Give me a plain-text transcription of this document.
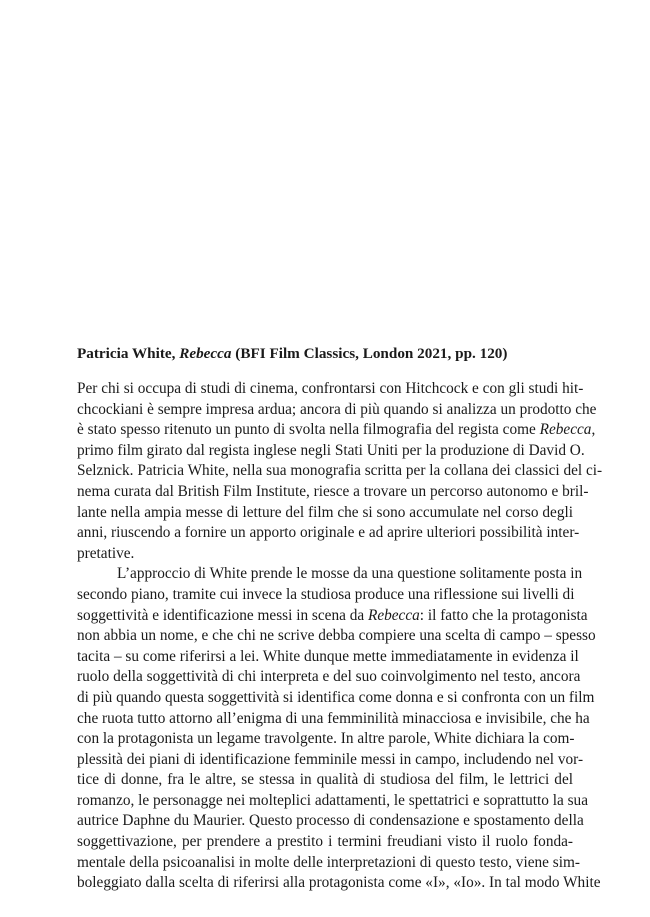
Patricia White, Rebecca (BFI Film Classics, London 2021, pp. 120)
Per chi si occupa di studi di cinema, confrontarsi con Hitchcock e con gli studi hit-
chcockiani è sempre impresa ardua; ancora di più quando si analizza un prodotto che
è stato spesso ritenuto un punto di svolta nella filmografia del regista come Rebecca,
primo film girato dal regista inglese negli Stati Uniti per la produzione di David O.
Selznick. Patricia White, nella sua monografia scritta per la collana dei classici del ci-
nema curata dal British Film Institute, riesce a trovare un percorso autonomo e bril-
lante nella ampia messe di letture del film che si sono accumulate nel corso degli
anni, riuscendo a fornire un apporto originale e ad aprire ulteriori possibilità inter-
pretative.
L’approccio di White prende le mosse da una questione solitamente posta in
secondo piano, tramite cui invece la studiosa produce una riflessione sui livelli di
soggettività e identificazione messi in scena da Rebecca: il fatto che la protagonista
non abbia un nome, e che chi ne scrive debba compiere una scelta di campo – spesso
tacita – su come riferirsi a lei. White dunque mette immediatamente in evidenza il
ruolo della soggettività di chi interpreta e del suo coinvolgimento nel testo, ancora
di più quando questa soggettività si identifica come donna e si confronta con un film
che ruota tutto attorno all’enigma di una femminilità minacciosa e invisibile, che ha
con la protagonista un legame travolgente. In altre parole, White dichiara la com-
plessità dei piani di identificazione femminile messi in campo, includendo nel vor-
tice di donne, fra le altre, se stessa in qualità di studiosa del film, le lettrici del
romanzo, le personagge nei molteplici adattamenti, le spettatrici e soprattutto la sua
autrice Daphne du Maurier. Questo processo di condensazione e spostamento della
soggettivazione, per prendere a prestito i termini freudiani visto il ruolo fonda-
mentale della psicoanalisi in molte delle interpretazioni di questo testo, viene sim-
boleggiato dalla scelta di riferirsi alla protagonista come «I», «Io». In tal modo White
